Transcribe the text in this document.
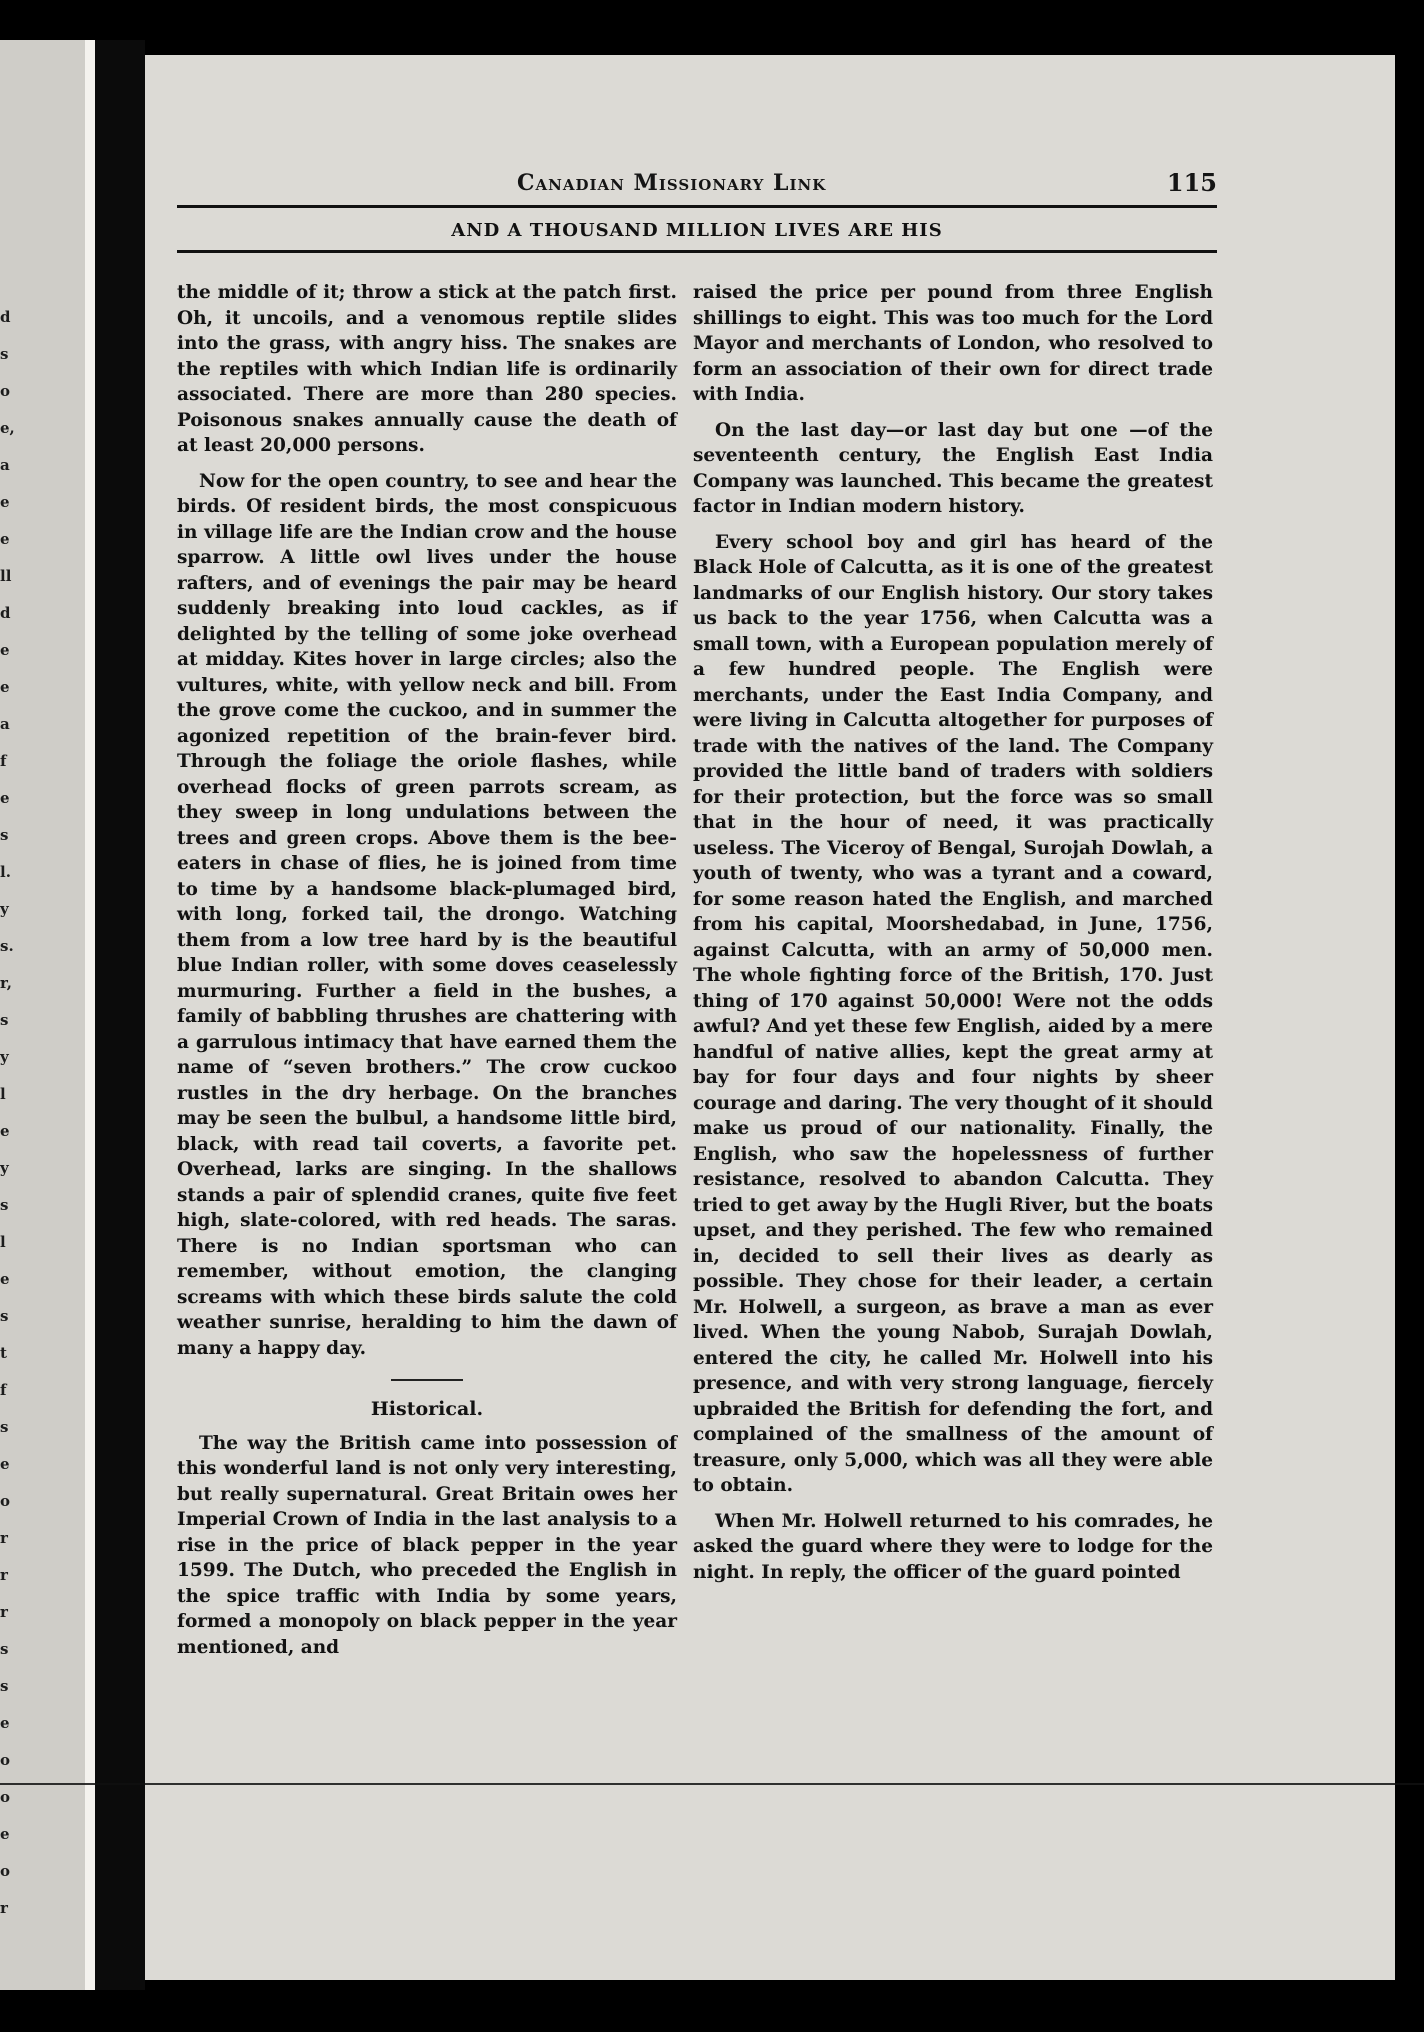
Canadian Missionary Link	115
AND A THOUSAND MILLION LIVES ARE HIS

the middle of it; throw a stick at the patch first. Oh, it uncoils, and a venomous reptile slides into the grass, with angry hiss. The snakes are the reptiles with which Indian life is ordinarily associated. There are more than 280 species. Poisonous snakes annually cause the death of at least 20,000 persons.

Now for the open country, to see and hear the birds. Of resident birds, the most conspicuous in village life are the Indian crow and the house sparrow. A little owl lives under the house rafters, and of evenings the pair may be heard suddenly breaking into loud cackles, as if delighted by the telling of some joke overhead at midday. Kites hover in large circles; also the vultures, white, with yellow neck and bill. From the grove come the cuckoo, and in summer the agonized repetition of the brain-fever bird. Through the foliage the oriole flashes, while overhead flocks of green parrots scream, as they sweep in long undulations between the trees and green crops. Above them is the bee-eaters in chase of flies, he is joined from time to time by a handsome black-plumaged bird, with long, forked tail, the drongo. Watching them from a low tree hard by is the beautiful blue Indian roller, with some doves ceaselessly murmuring. Further a field in the bushes, a family of babbling thrushes are chattering with a garrulous intimacy that have earned them the name of “seven brothers.” The crow cuckoo rustles in the dry herbage. On the branches may be seen the bulbul, a handsome little bird, black, with read tail coverts, a favorite pet. Overhead, larks are singing. In the shallows stands a pair of splendid cranes, quite five feet high, slate-colored, with red heads. The saras. There is no Indian sportsman who can remember, without emotion, the clanging screams with which these birds salute the cold weather sunrise, heralding to him the dawn of many a happy day.

Historical.

The way the British came into possession of this wonderful land is not only very interesting, but really supernatural. Great Britain owes her Imperial Crown of India in the last analysis to a rise in the price of black pepper in the year 1599. The Dutch, who preceded the English in the spice traffic with India by some years, formed a monopoly on black pepper in the year mentioned, and

raised the price per pound from three English shillings to eight. This was too much for the Lord Mayor and merchants of London, who resolved to form an association of their own for direct trade with India.

On the last day—or last day but one —of the seventeenth century, the English East India Company was launched. This became the greatest factor in Indian modern history.

Every school boy and girl has heard of the Black Hole of Calcutta, as it is one of the greatest landmarks of our English history. Our story takes us back to the year 1756, when Calcutta was a small town, with a European population merely of a few hundred people. The English were merchants, under the East India Company, and were living in Calcutta altogether for purposes of trade with the natives of the land. The Company provided the little band of traders with soldiers for their protection, but the force was so small that in the hour of need, it was practically useless. The Viceroy of Bengal, Surojah Dowlah, a youth of twenty, who was a tyrant and a coward, for some reason hated the English, and marched from his capital, Moorshedabad, in June, 1756, against Calcutta, with an army of 50,000 men. The whole fighting force of the British, 170. Just thing of 170 against 50,000! Were not the odds awful? And yet these few English, aided by a mere handful of native allies, kept the great army at bay for four days and four nights by sheer courage and daring. The very thought of it should make us proud of our nationality. Finally, the English, who saw the hopelessness of further resistance, resolved to abandon Calcutta. They tried to get away by the Hugli River, but the boats upset, and they perished. The few who remained in, decided to sell their lives as dearly as possible. They chose for their leader, a certain Mr. Holwell, a surgeon, as brave a man as ever lived. When the young Nabob, Surajah Dowlah, entered the city, he called Mr. Holwell into his presence, and with very strong language, fiercely upbraided the British for defending the fort, and complained of the smallness of the amount of treasure, only 5,000, which was all they were able to obtain.

When Mr. Holwell returned to his comrades, he asked the guard where they were to lodge for the night. In reply, the officer of the guard pointed

d
s
o
e,
a
e
e
ll
d
e
e
a
f
e
s
l.
y
s.
r,
s
y
l
e
y
s
l
e
s
t
f
s
e
o
r
r
r
s
s
e
o
o
e
o
r
